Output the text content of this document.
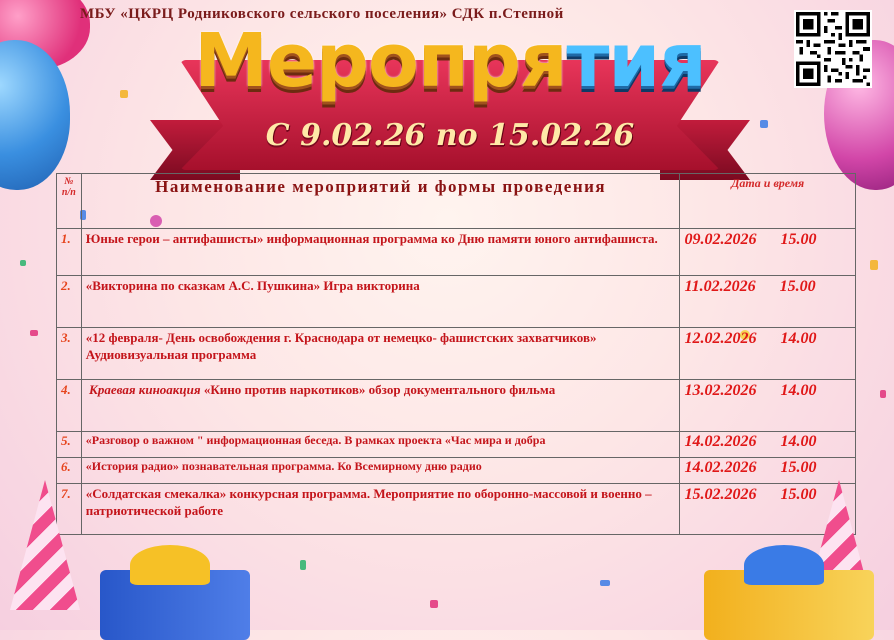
МБУ «ЦКРЦ Родниковского сельского поселения» СДК п.Степной
Меропрятия
С 9.02.26 по 15.02.26
№ п/п	Наименование мероприятий и формы проведения	Дата и время
1.	Юные герои – антифашисты» информационная программа ко Дню памяти юного антифашиста.	09.02.2026      15.00
2.	«Викторина по сказкам А.С. Пушкина» Игра викторина	11.02.2026      15.00
3.	«12 февраля- День освобождения г. Краснодара от немецко- фашистских захватчиков» Аудиовизуальная программа	12.02.2026      14.00
4.	Краевая киноакция «Кино против наркотиков» обзор документального фильма	13.02.2026      14.00
5.	«Разговор о важном " информационная беседа. В рамках проекта «Час мира и добра	14.02.2026      14.00
6.	«История радио» познавательная программа. Ко Всемирному дню радио	14.02.2026      15.00
7.	«Солдатская смекалка» конкурсная программа. Мероприятие по оборонно-массовой и военно – патриотической работе	15.02.2026      15.00
